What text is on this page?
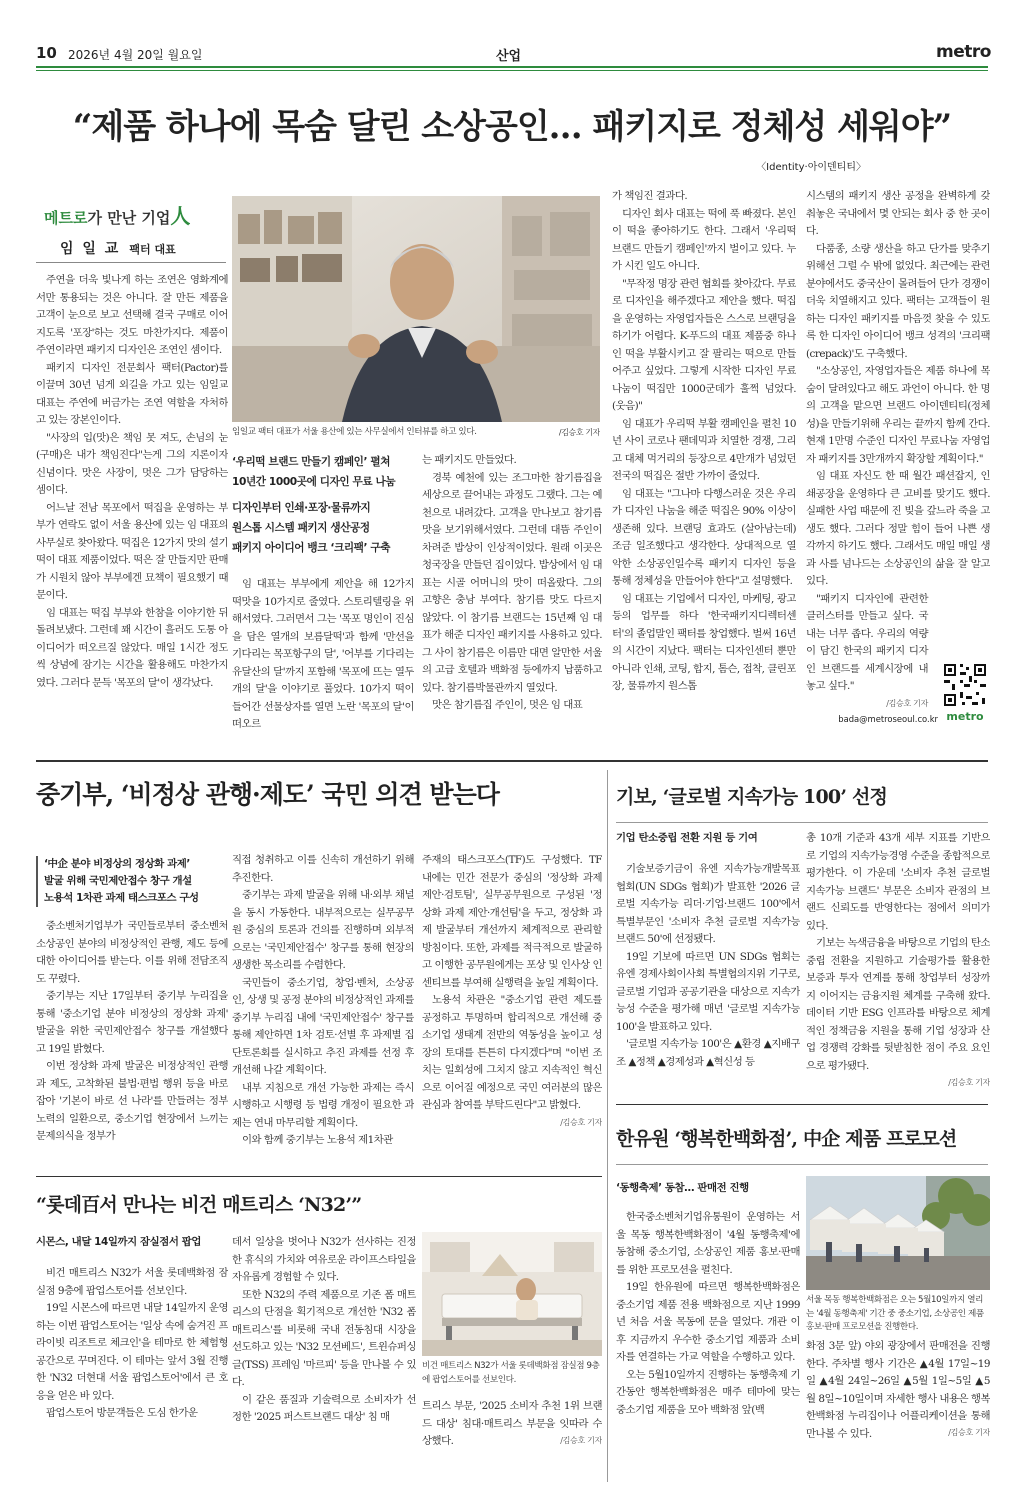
10 2026년 4월 20일 월요일	산업	metro
“제품 하나에 목숨 달린 소상공인… 패키지로 정체성 세워야”
〈Identity·아이덴티티〉
메트로가 만난 기업人
임 일 교 팩터 대표

주연을 더욱 빛나게 하는 조연은 영화계에서만 통용되는 것은 아니다. 잘 만든 제품을 고객이 눈으로 보고 선택해 결국 구매로 이어지도록 '포장'하는 것도 마찬가지다. 제품이 주연이라면 패키지 디자인은 조연인 셈이다.

패키지 디자인 전문회사 팩터(Pactor)를 이끌며 30년 넘게 외길을 가고 있는 임일교 대표는 주연에 버금가는 조연 역할을 자처하고 있는 장본인이다.

"사장의 입(맛)은 책임 못 져도, 손님의 눈(구매)은 내가 책임진다"는게 그의 지론이자 신념이다. 맛은 사장이, 멋은 그가 담당하는 셈이다.

어느날 전남 목포에서 떡집을 운영하는 부부가 연락도 없이 서울 용산에 있는 임 대표의 사무실로 찾아왔다. 떡집은 12가지 맛의 설기떡이 대표 제품이었다. 떡은 잘 만들지만 판매가 시원치 않아 부부에겐 묘책이 필요했기 때문이다.

임 대표는 떡집 부부와 한참을 이야기한 뒤 돌려보냈다. 그런데 꽤 시간이 흘러도 도통 아이디어가 떠오르질 않았다. 매일 1시간 정도씩 상념에 잠기는 시간을 활용해도 마찬가지였다. 그러다 문득 '목포의 달'이 생각났다.

임일교 팩터 대표가 서울 용산에 있는 사무실에서 인터뷰를 하고 있다.	/김승호 기자
‘우리떡 브랜드 만들기 캠페인’ 펼쳐
10년간 1000곳에 디자인 무료 나눔
디자인부터 인쇄·포장·물류까지
원스톱 시스템 패키지 생산공정
패키지 아이디어 뱅크 ‘크리팩’ 구축

임 대표는 부부에게 제안을 해 12가지 떡맛을 10가지로 줄였다. 스토리텔링을 위해서였다. 그러면서 그는 '목포 명인이 진심을 담은 열개의 보름달떡'과 함께 '만선을 기다리는 목포항구의 달', '어부를 기다리는 유달산의 달'까지 포함해 '목포에 뜨는 열두개의 달'을 이야기로 풀었다. 10가지 떡이 들어간 선물상자를 열면 노란 '목포의 달'이 떠오르

는 패키지도 만들었다.

경북 예천에 있는 조그마한 참기름집을 세상으로 끌어내는 과정도 그랬다. 그는 예천으로 내려갔다. 고객을 만나보고 참기름 맛을 보기위해서였다. 그런데 대뜸 주인이 차려준 밥상이 인상적이었다. 원래 이곳은 청국장을 만들던 집이었다. 밥상에서 임 대표는 시골 어머니의 맛이 떠올랐다. 그의 고향은 충남 부여다. 참기름 맛도 다르지 않았다. 이 참기름 브랜드는 15년째 임 대표가 해준 디자인 패키지를 사용하고 있다. 그 사이 참기름은 이름만 대면 알만한 서울의 고급 호텔과 백화점 등에까지 납품하고 있다. 참기름박물관까지 열었다.

맛은 참기름집 주인이, 멋은 임 대표

가 책임진 결과다.

디자인 회사 대표는 떡에 푹 빠졌다. 본인이 떡을 좋아하기도 한다. 그래서 '우리떡 브랜드 만들기 캠페인'까지 벌이고 있다. 누가 시킨 일도 아니다.

"무작정 명장 관련 협회를 찾아갔다. 무료로 디자인을 해주겠다고 제안을 했다. 떡집을 운영하는 자영업자들은 스스로 브랜딩을 하기가 어렵다. K-푸드의 대표 제품중 하나인 떡을 부활시키고 잘 팔리는 떡으로 만들어주고 싶었다. 그렇게 시작한 디자인 무료나눔이 떡집만 1000군데가 훌쩍 넘었다.(웃음)"

임 대표가 우리떡 부활 캠페인을 펼친 10년 사이 코로나 팬데믹과 치열한 경쟁, 그리고 대체 먹거리의 등장으로 4만개가 넘었던 전국의 떡집은 절반 가까이 줄었다.

임 대표는 "그나마 다행스러운 것은 우리가 디자인 나눔을 해준 떡집은 90% 이상이 생존해 있다. 브랜딩 효과도 (살아남는데) 조금 일조했다고 생각한다. 상대적으로 열악한 소상공인일수록 패키지 디자인 등을 통해 정체성을 만들어야 한다"고 설명했다.

임 대표는 기업에서 디자인, 마케팅, 광고 등의 업무를 하다 '한국패키지디렉터센터'의 졸업말인 팩터를 창업했다. 벌써 16년의 시간이 지났다. 팩터는 디자인센터 뿐만 아니라 인쇄, 코팅, 합지, 톰슨, 접착, 클린포장, 물류까지 원스톱

시스템의 패키지 생산 공정을 완벽하게 갖춰놓은 국내에서 몇 안되는 회사 중 한 곳이다.

다품종, 소량 생산을 하고 단가를 맞추기위해선 그럴 수 밖에 없었다. 최근에는 관련 분야에서도 중국산이 몰려들어 단가 경쟁이 더욱 치열해지고 있다. 팩터는 고객들이 원하는 디자인 패키지를 마음껏 찾을 수 있도록 한 디자인 아이디어 뱅크 성격의 '크리팩(crepack)'도 구축했다.

"소상공인, 자영업자들은 제품 하나에 목숨이 달려있다고 해도 과언이 아니다. 한 명의 고객을 맡으면 브랜드 아이덴티티(정체성)을 만들기위해 우리는 끝까지 함께 간다. 현재 1만명 수준인 디자인 무료나눔 자영업자 패키지를 3만개까지 확장할 계획이다."

임 대표 자신도 한 때 월간 패션잡지, 인쇄공장을 운영하다 큰 고비를 맞기도 했다. 실패한 사업 때문에 진 빚을 갚느라 죽을 고생도 했다. 그러다 정말 힘이 들어 나쁜 생각까지 하기도 했다. 그래서도 매일 매일 생과 사를 넘나드는 소상공인의 삶을 잘 알고 있다.

"패키지 디자인에 관련한 클러스터를 만들고 싶다. 국내는 너무 좁다. 우리의 역량이 담긴 한국의 패키지 디자인 브랜드를 세계시장에 내놓고 싶다."

/김승호 기자
bada@metroseoul.co.kr metro
중기부, ‘비정상 관행·제도’ 국민 의견 받는다
‘中企 분야 비정상의 정상화 과제’
발굴 위해 국민제안접수 창구 개설
노용석 1차관 과제 태스크포스 구성

중소벤처기업부가 국민들로부터 중소벤처소상공인 분야의 비정상적인 관행, 제도 등에 대한 아이디어를 받는다. 이를 위해 전담조직도 꾸렸다.

중기부는 지난 17일부터 중기부 누리집을 통해 '중소기업 분야 비정상의 정상화 과제' 발굴을 위한 국민제안접수 창구를 개설했다고 19일 밝혔다.

이번 정상화 과제 발굴은 비정상적인 관행과 제도, 고착화된 불법·편법 행위 등을 바로잡아 '기본이 바로 선 나라'를 만들려는 정부 노력의 일환으로, 중소기업 현장에서 느끼는 문제의식을 정부가

직접 청취하고 이를 신속히 개선하기 위해 추진한다.

중기부는 과제 발굴을 위해 내·외부 채널을 동시 가동한다. 내부적으로는 실무공무원 중심의 토론과 건의를 진행하며 외부적으로는 '국민제안접수' 창구를 통해 현장의 생생한 목소리를 수렴한다.

국민들이 중소기업, 창업·벤처, 소상공인, 상생 및 공정 분야의 비정상적인 과제를 중기부 누리집 내에 '국민제안접수' 창구를 통해 제안하면 1차 검토·선별 후 과제별 집단토론회를 실시하고 추진 과제를 선정 후 개선해 나갈 계획이다.

내부 지침으로 개선 가능한 과제는 즉시 시행하고 시행령 등 법령 개정이 필요한 과제는 연내 마무리할 계획이다.

이와 함께 중기부는 노용석 제1차관

주재의 태스크포스(TF)도 구성했다. TF 내에는 민간 전문가 중심의 '정상화 과제 제안·검토팀', 실무공무원으로 구성된 '정상화 과제 제안·개선팀'을 두고, 정상화 과제 발굴부터 개선까지 체계적으로 관리할 방침이다. 또한, 과제를 적극적으로 발굴하고 이행한 공무원에게는 포상 및 인사상 인센티브를 부여해 실행력을 높일 계획이다.

노용석 차관은 "중소기업 관련 제도를 공정하고 투명하며 합리적으로 개선해 중소기업 생태계 전반의 역동성을 높이고 성장의 토대를 튼튼히 다지겠다"며 "이번 조치는 일회성에 그치지 않고 지속적인 혁신으로 이어질 예정으로 국민 여러분의 많은 관심과 참여를 부탁드린다"고 밝혔다.

/김승호 기자
기보, ‘글로벌 지속가능 100’ 선정
기업 탄소중립 전환 지원 등 기여

기술보증기금이 유엔 지속가능개발목표 협회(UN SDGs 협회)가 발표한 '2026 글로벌 지속가능 리더·기업·브랜드 100'에서 특별부문인 '소비자 추천 글로벌 지속가능 브랜드 50'에 선정됐다.

19일 기보에 따르면 UN SDGs 협회는 유엔 경제사회이사회 특별협의지위 기구로, 글로벌 기업과 공공기관을 대상으로 지속가능성 수준을 평가해 매년 '글로벌 지속가능 100'을 발표하고 있다.

'글로벌 지속가능 100'은 ▲환경 ▲지배구조 ▲정책 ▲경제성과 ▲혁신성 등

총 10개 기준과 43개 세부 지표를 기반으로 기업의 지속가능경영 수준을 종합적으로 평가한다. 이 가운데 '소비자 추천 글로벌 지속가능 브랜드' 부문은 소비자 관점의 브랜드 신뢰도를 반영한다는 점에서 의미가 있다.

기보는 녹색금융을 바탕으로 기업의 탄소중립 전환을 지원하고 기술평가를 활용한 보증과 투자 연계를 통해 창업부터 성장까지 이어지는 금융지원 체계를 구축해 왔다. 데이터 기반 ESG 인프라를 바탕으로 체계적인 정책금융 지원을 통해 기업 성장과 산업 경쟁력 강화를 뒷받침한 점이 주요 요인으로 평가됐다.

/김승호 기자
한유원 ‘행복한백화점’, 中企 제품 프로모션
‘동행축제’ 동참… 판매전 진행

한국중소벤처기업유통원이 운영하는 서울 목동 행복한백화점이 '4월 동행축제'에 동참해 중소기업, 소상공인 제품 홍보·판매를 위한 프로모션을 펼친다.

19일 한유원에 따르면 행복한백화점은 중소기업 제품 전용 백화점으로 지난 1999년 처음 서울 목동에 문을 열었다. 개관 이후 지금까지 우수한 중소기업 제품과 소비자를 연결하는 가교 역할을 수행하고 있다.

오는 5월10일까지 진행하는 동행축제 기간동안 행복한백화점은 매주 테마에 맞는 중소기업 제품을 모아 백화점 앞(백

서울 목동 행복한백화점은 오는 5월10일까지 열리는 '4월 동행축제' 기간 중 중소기업, 소상공인 제품 홍보·판매 프로모션을 진행한다.

화점 3문 앞) 야외 광장에서 판매전을 진행한다. 주차별 행사 기간은 ▲4월 17일~19일 ▲4월 24일~26일 ▲5월 1일~5일 ▲5월 8일~10일이며 자세한 행사 내용은 행복한백화점 누리집이나 어플리케이션을 통해 만나볼 수 있다.	/김승호 기자
“롯데百서 만나는 비건 매트리스 ‘N32’”
시몬스, 내달 14일까지 잠실점서 팝업

비건 매트리스 N32가 서울 롯데백화점 잠실점 9층에 팝업스토어를 선보인다.

19일 시몬스에 따르면 내달 14일까지 운영하는 이번 팝업스토어는 '일상 속에 숨겨진 프라이빗 리조트로 체크인'을 테마로 한 체험형 공간으로 꾸며진다. 이 테마는 앞서 3월 진행한 'N32 더현대 서울 팝업스토어'에서 큰 호응을 얻은 바 있다.

팝업스토어 방문객들은 도심 한가운

데서 일상을 벗어나 N32가 선사하는 진정한 휴식의 가치와 여유로운 라이프스타일을 자유롭게 경험할 수 있다.

또한 N32의 주력 제품으로 기존 폼 매트리스의 단점을 획기적으로 개선한 'N32 폼 매트리스'를 비롯해 국내 전동침대 시장을 선도하고 있는 'N32 모션베드', 트윈슈퍼싱글(TSS) 프레임 '마르피' 등을 만나볼 수 있다.

이 같은 품질과 기술력으로 소비자가 선정한 '2025 퍼스트브랜드 대상' 침 매

비건 매트리스 N32가 서울 롯데백화점 잠실점 9층에 팝업스토어를 선보인다.

트리스 부문, '2025 소비자 추천 1위 브랜드 대상' 침대·매트리스 부문을 잇따라 수상했다.	/김승호 기자
